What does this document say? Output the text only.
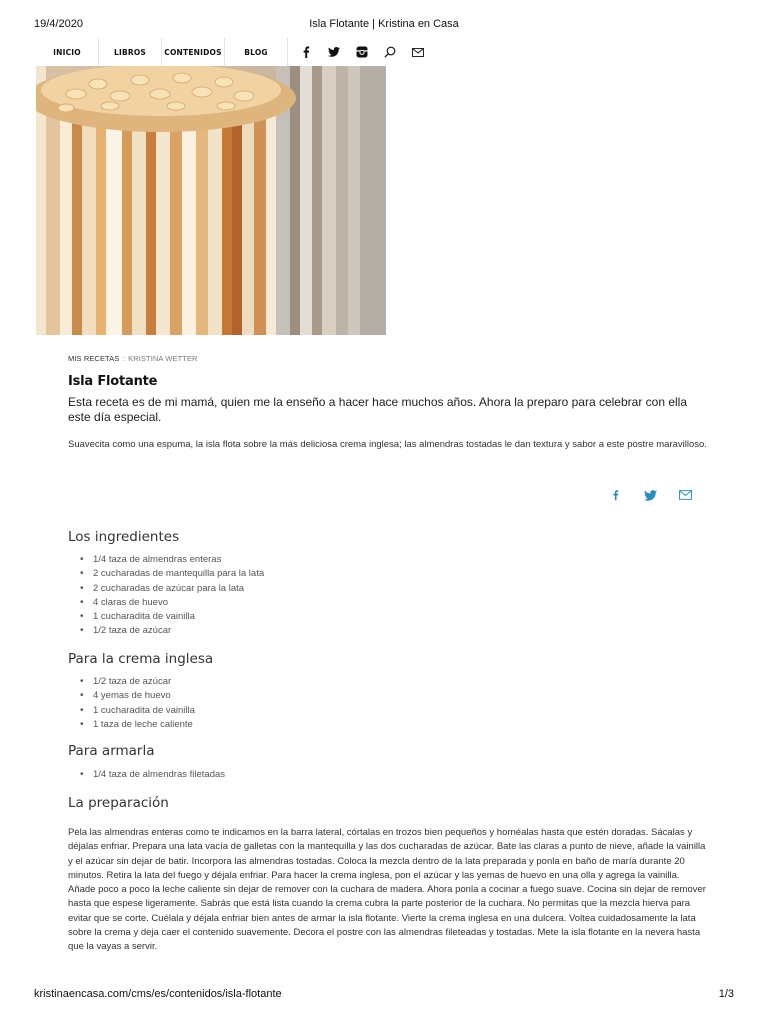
19/4/2020	Isla Flotante | Kristina en Casa
INICIO	LIBROS	CONTENIDOS	BLOG
MIS RECETAS :: KRISTINA WETTER
Isla Flotante
Esta receta es de mi mamá, quien me la enseño a hacer hace muchos años. Ahora la preparo para celebrar con ella este día especial.
Suavecita como una espuma, la isla flota sobre la más deliciosa crema inglesa; las almendras tostadas le dan textura y sabor a este postre maravilloso.
Los ingredientes
• 1/4 taza de almendras enteras
• 2 cucharadas de mantequilla para la lata
• 2 cucharadas de azúcar para la lata
• 4 claras de huevo
• 1 cucharadita de vainilla
• 1/2 taza de azúcar
Para la crema inglesa
• 1/2 taza de azúcar
• 4 yemas de huevo
• 1 cucharadita de vainilla
• 1 taza de leche caliente
Para armarla
• 1/4 taza de almendras filetadas
La preparación
Pela las almendras enteras como te indicamos en la barra lateral, córtalas en trozos bien pequeños y hornéalas hasta que estén doradas. Sácalas y déjalas enfriar. Prepara una lata vacía de galletas con la mantequilla y las dos cucharadas de azúcar. Bate las claras a punto de nieve, añade la vainilla y el azúcar sin dejar de batir. Incorpora las almendras tostadas. Coloca la mezcla dentro de la lata preparada y ponla en baño de maría durante 20 minutos. Retira la lata del fuego y déjala enfriar. Para hacer la crema inglesa, pon el azúcar y las yemas de huevo en una olla y agrega la vainilla. Añade poco a poco la leche caliente sin dejar de remover con la cuchara de madera. Ahora ponla a cocinar a fuego suave. Cocina sin dejar de remover hasta que espese ligeramente. Sabrás que está lista cuando la crema cubra la parte posterior de la cuchara. No permitas que la mezcla hierva para evitar que se corte. Cuélala y déjala enfriar bien antes de armar la isla flotante. Vierte la crema inglesa en una dulcera. Voltea cuidadosamente la lata sobre la crema y deja caer el contenido suavemente. Decora el postre con las almendras fileteadas y tostadas. Mete la isla flotante en la nevera hasta que la vayas a servir.
kristinaencasa.com/cms/es/contenidos/isla-flotante	1/3
